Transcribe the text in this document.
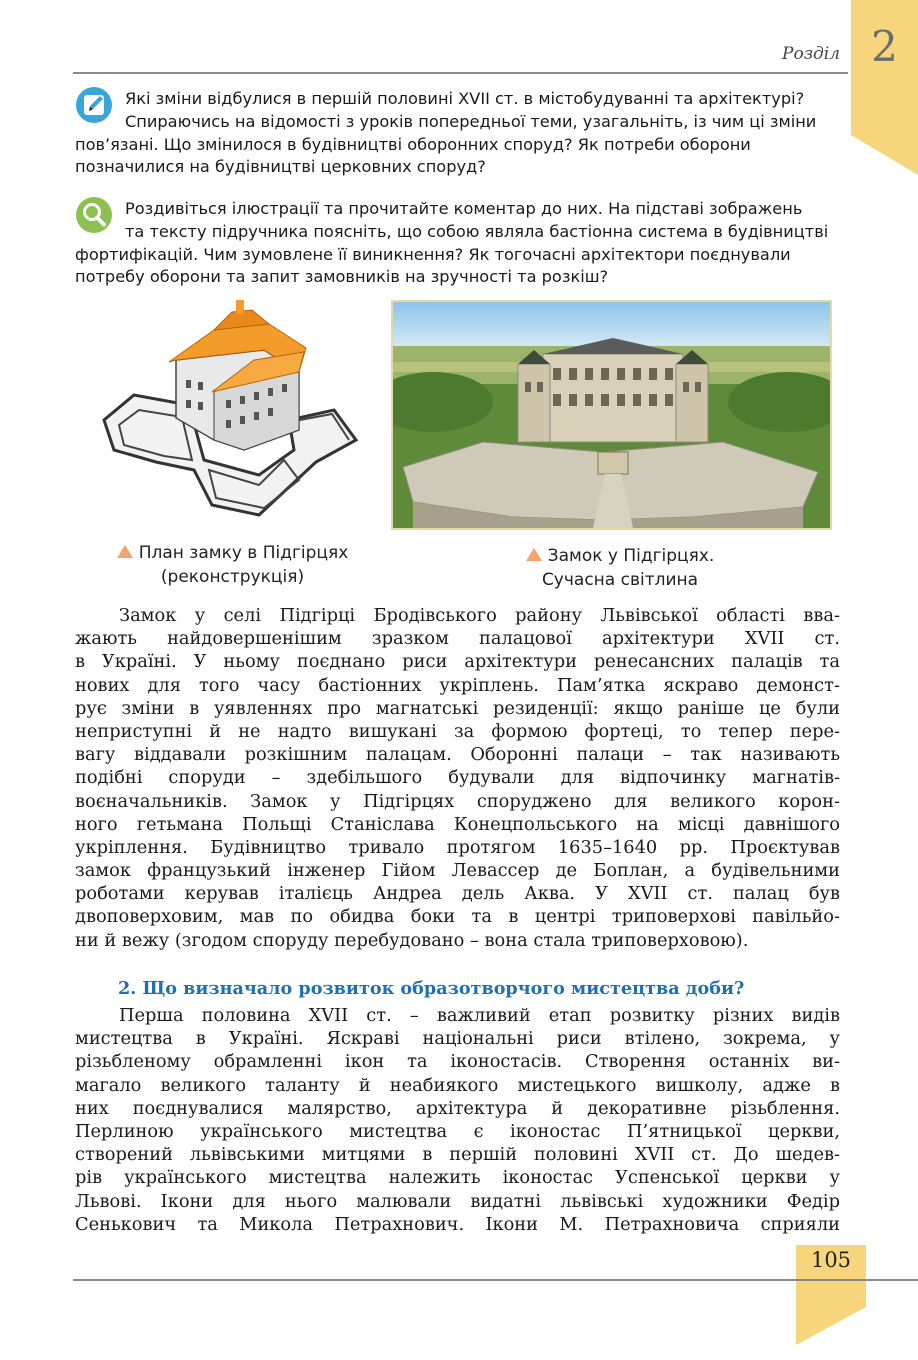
Розділ 2
Які зміни відбулися в першій половині XVII ст. в містобудуванні та архітектурі?
Спираючись на відомості з уроків попередньої теми, узагальніть, із чим ці зміни
пов’язані. Що змінилося в будівництві оборонних споруд? Як потреби оборони
позначилися на будівництві церковних споруд?
Роздивіться ілюстрації та прочитайте коментар до них. На підставі зображень
та тексту підручника поясніть, що собою являла бастіонна система в будівництві
фортифікацій. Чим зумовлене її виникнення? Як тогочасні архітектори поєднували
потребу оборони та запит замовників на зручності та розкіш?
План замку в Підгірцях
(реконструкція)
Замок у Підгірцях.
Сучасна світлина
Замок у селі Підгірці Бродівського району Львівської області вва-
жають найдовершенішим зразком палацової архітектури XVII ст.
в Україні. У ньому поєднано риси архітектури ренесансних палаців та
нових для того часу бастіонних укріплень. Пам’ятка яскраво демонст-
рує зміни в уявленнях про магнатські резиденції: якщо раніше це були
неприступні й не надто вишукані за формою фортеці, то тепер пере-
вагу віддавали розкішним палацам. Оборонні палаци – так називають
подібні споруди – здебільшого будували для відпочинку магнатів-
воєначальників. Замок у Підгірцях споруджено для великого корон-
ного гетьмана Польщі Станіслава Конецпольського на місці давнішого
укріплення. Будівництво тривало протягом 1635–1640 рр. Проєктував
замок французький інженер Гійом Левассер де Боплан, а будівельними
роботами керував італієць Андреа дель Аква. У XVII ст. палац був
двоповерховим, мав по обидва боки та в центрі триповерхові павільйо-
ни й вежу (згодом споруду перебудовано – вона стала триповерховою).
2. Що визначало розвиток образотворчого мистецтва доби?
Перша половина XVII ст. – важливий етап розвитку різних видів
мистецтва в Україні. Яскраві національні риси втілено, зокрема, у
різьбленому обрамленні ікон та іконостасів. Створення останніх ви-
магало великого таланту й неабиякого мистецького вишколу, адже в
них поєднувалися малярство, архітектура й декоративне різьблення.
Перлиною українського мистецтва є іконостас П’ятницької церкви,
створений львівськими митцями в першій половині XVII ст. До шедев-
рів українського мистецтва належить іконостас Успенської церкви у
Львові. Ікони для нього малювали видатні львівські художники Федір
Сенькович та Микола Петрахнович. Ікони М. Петрахновича сприяли
105
